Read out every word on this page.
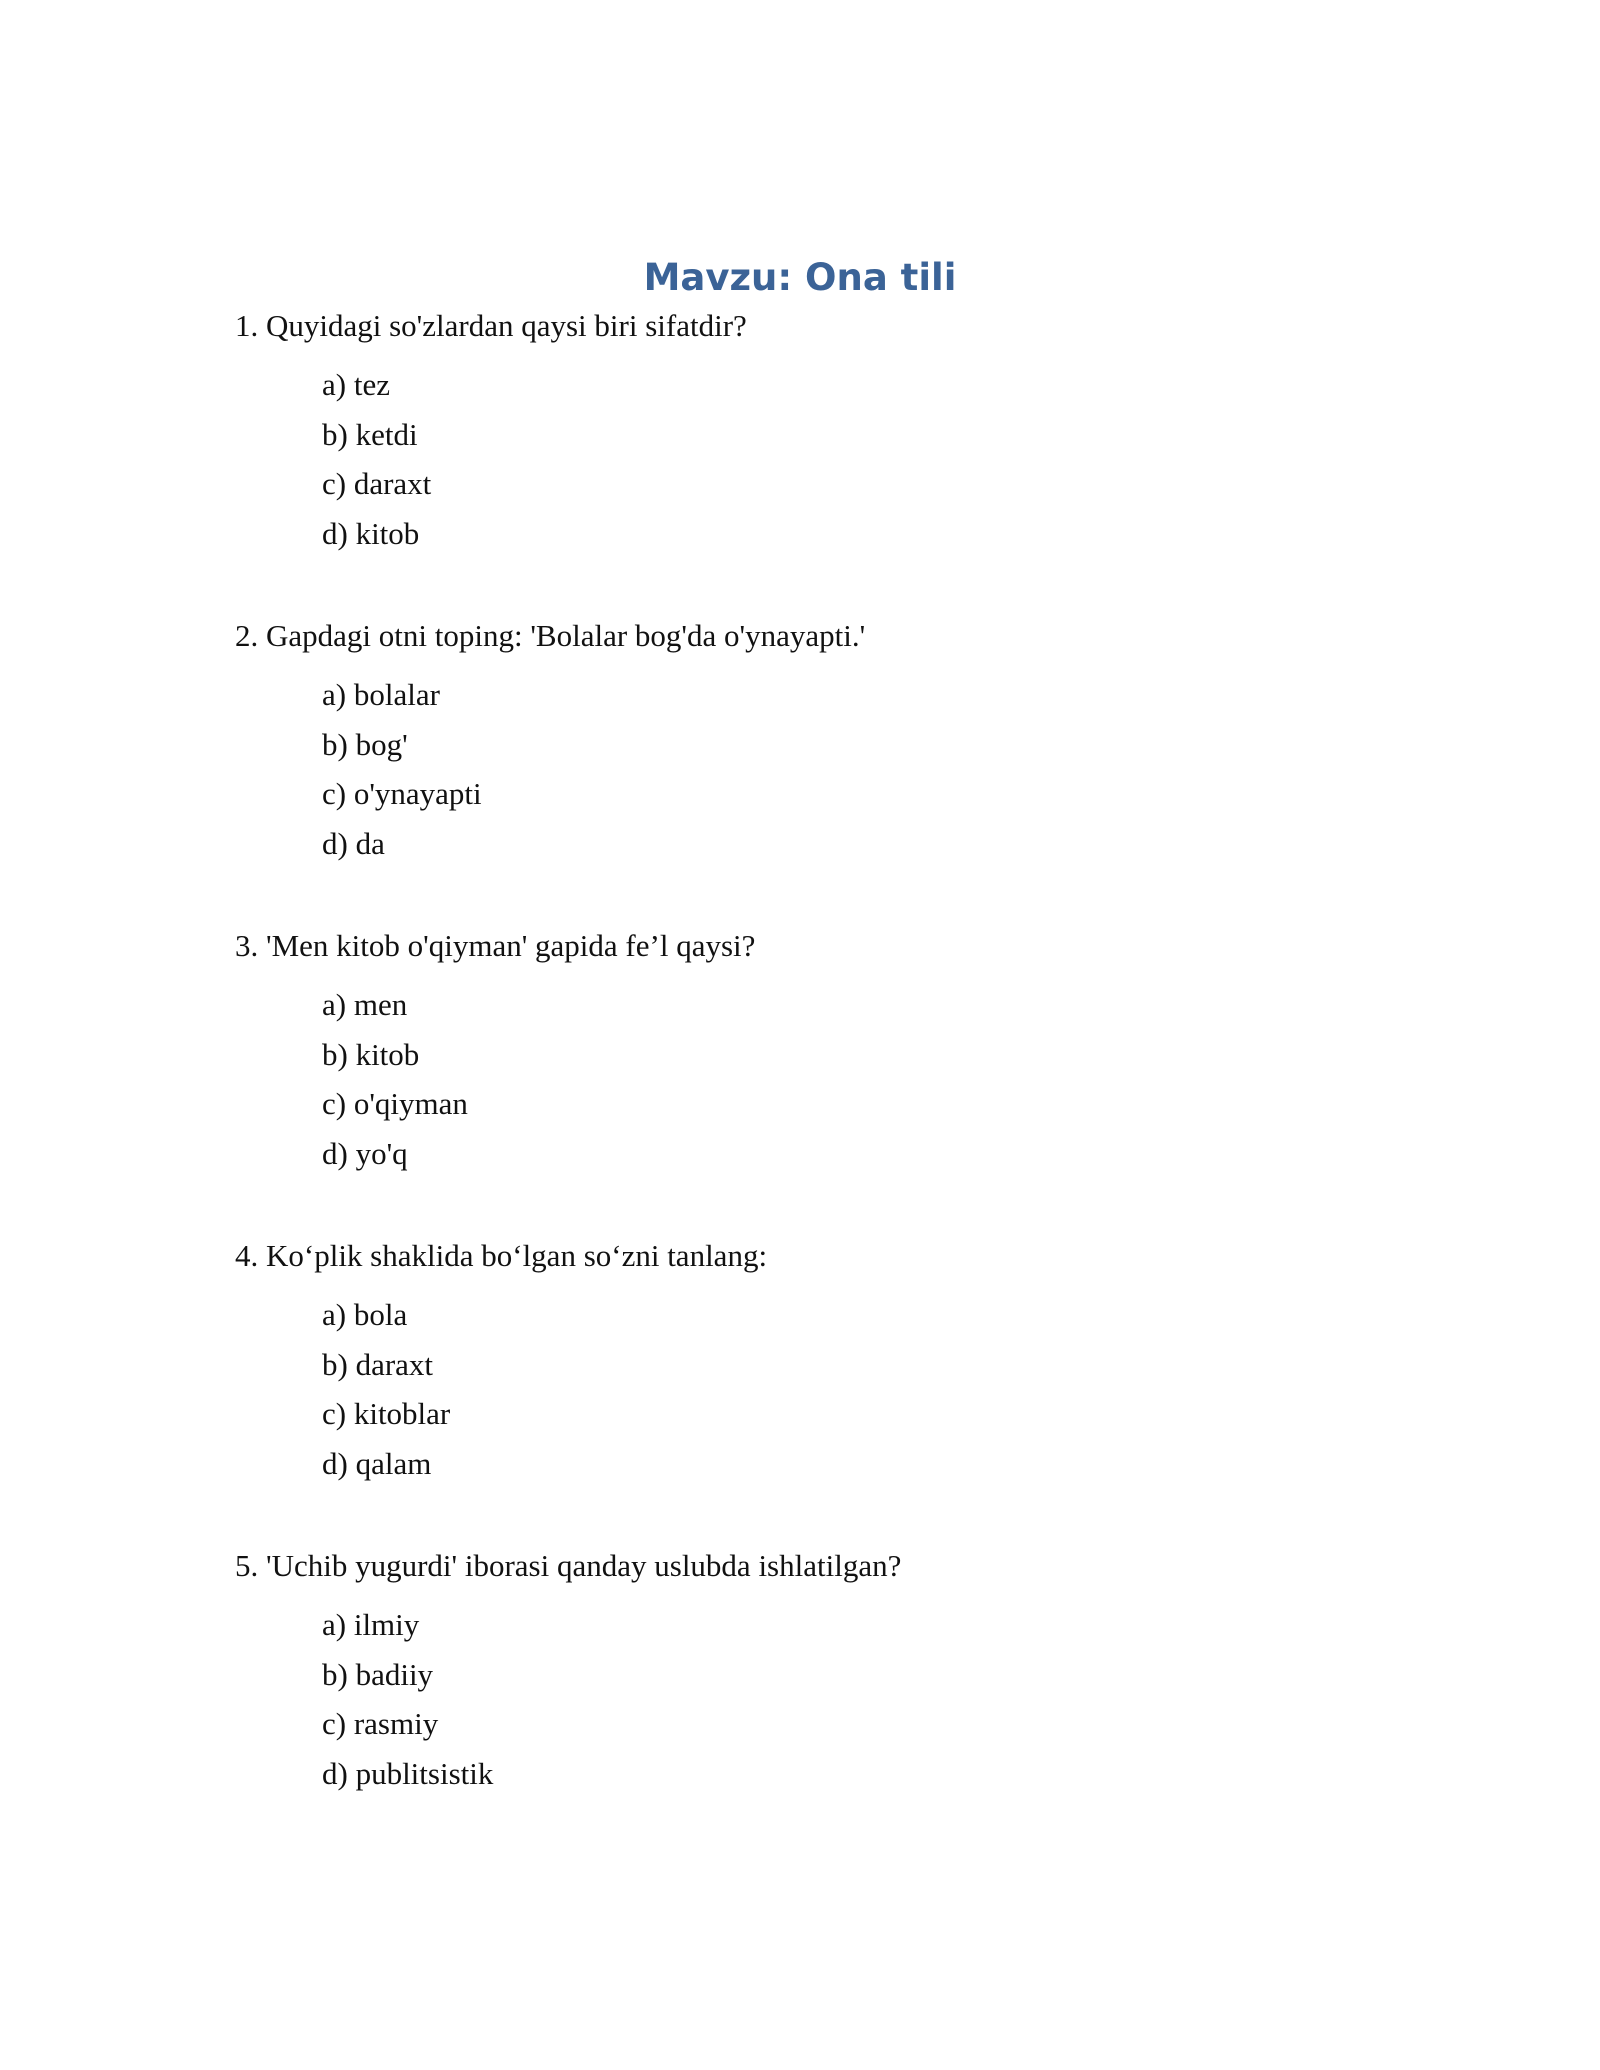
Mavzu: Ona tili

1. Quyidagi so'zlardan qaysi biri sifatdir?

a) tez
b) ketdi
c) daraxt
d) kitob

2. Gapdagi otni toping: 'Bolalar bog'da o'ynayapti.'

a) bolalar
b) bog'
c) o'ynayapti
d) da

3. 'Men kitob o'qiyman' gapida fe’l qaysi?

a) men
b) kitob
c) o'qiyman
d) yo'q

4. Ko‘plik shaklida bo‘lgan so‘zni tanlang:

a) bola
b) daraxt
c) kitoblar
d) qalam

5. 'Uchib yugurdi' iborasi qanday uslubda ishlatilgan?

a) ilmiy
b) badiiy
c) rasmiy
d) publitsistik
